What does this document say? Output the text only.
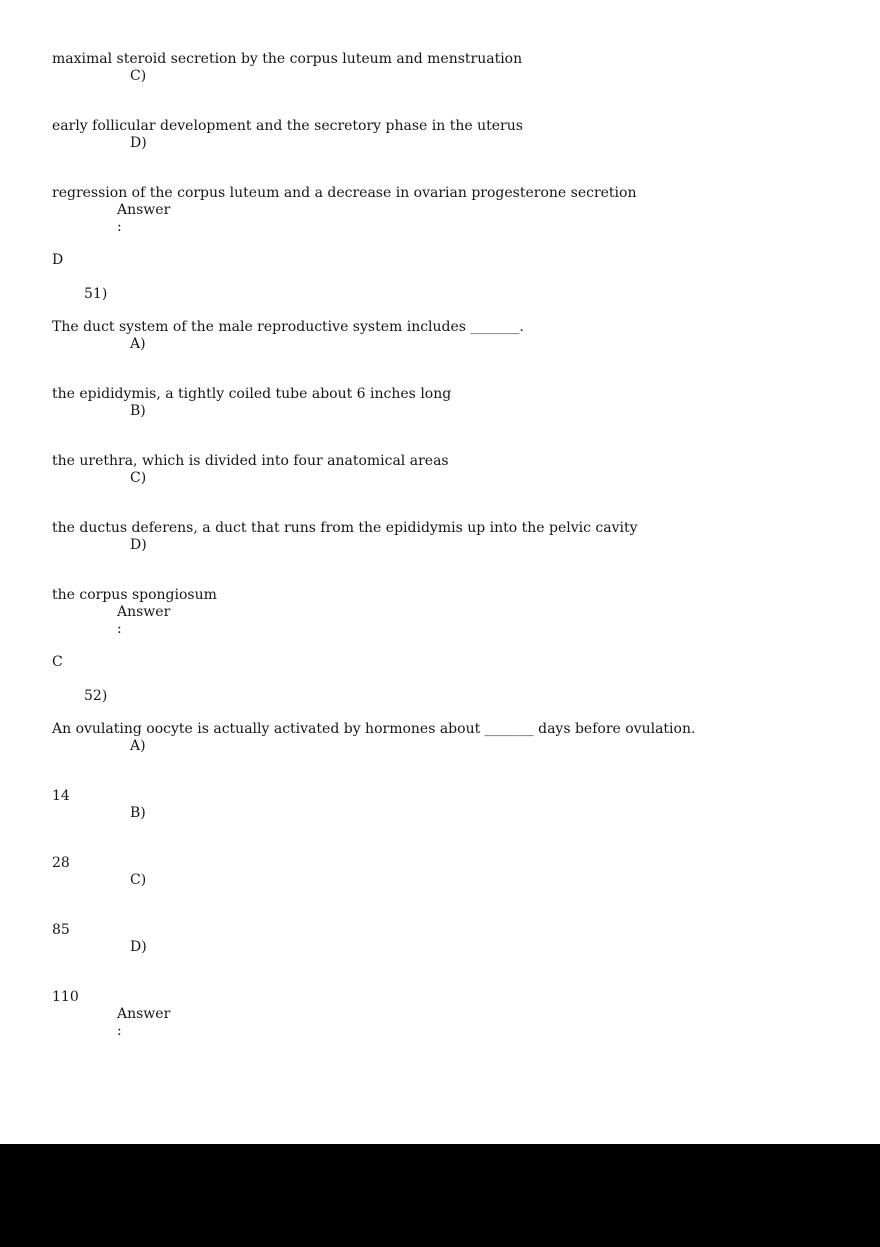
maximal steroid secretion by the corpus luteum and menstruation
C)
early follicular development and the secretory phase in the uterus
D)
regression of the corpus luteum and a decrease in ovarian progesterone secretion
Answer
:
D
51)
The duct system of the male reproductive system includes _______.
A)
the epididymis, a tightly coiled tube about 6 inches long
B)
the urethra, which is divided into four anatomical areas
C)
the ductus deferens, a duct that runs from the epididymis up into the pelvic cavity
D)
the corpus spongiosum
Answer
:
C
52)
An ovulating oocyte is actually activated by hormones about _______ days before ovulation.
A)
14
B)
28
C)
85
D)
110
Answer
:
